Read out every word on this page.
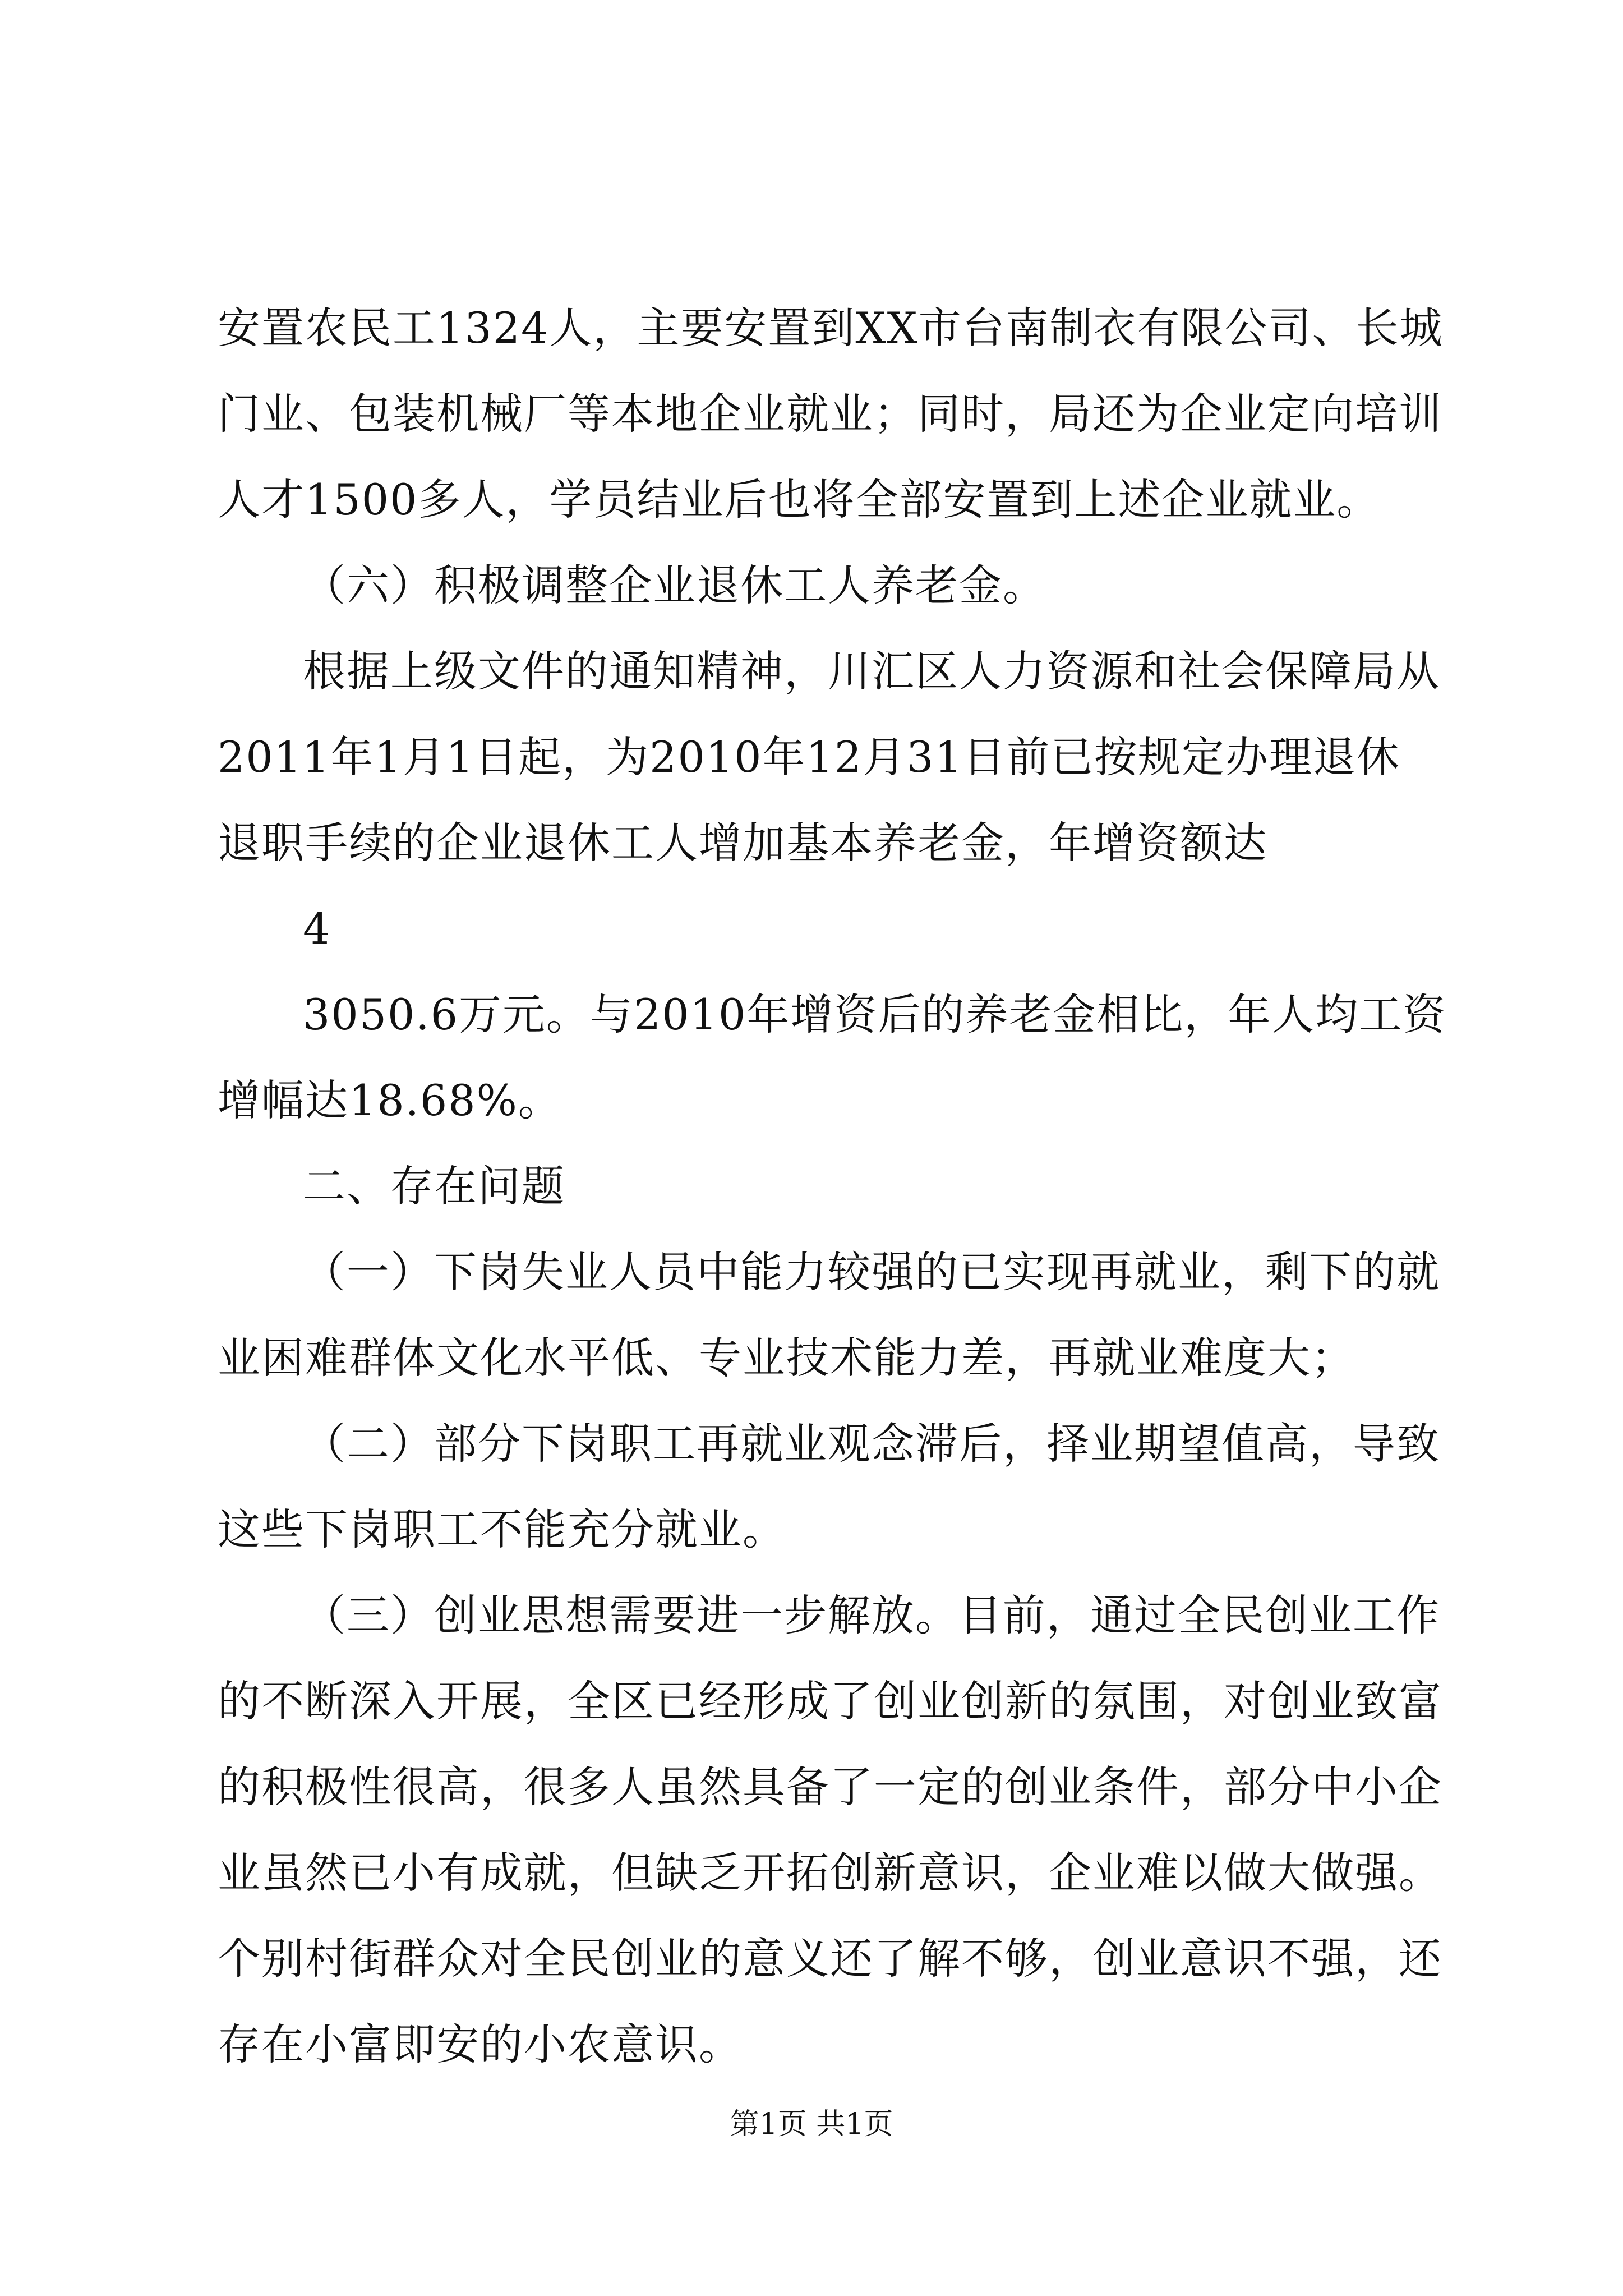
安置农民工1324人，主要安置到XX市台南制衣有限公司、长城
门业、包装机械厂等本地企业就业；同时，局还为企业定向培训
人才1500多人，学员结业后也将全部安置到上述企业就业。
（六）积极调整企业退休工人养老金。
根据上级文件的通知精神，川汇区人力资源和社会保障局从
2011年1月1日起，为2010年12月31日前已按规定办理退休
退职手续的企业退休工人增加基本养老金，年增资额达
4
3050.6万元。与2010年增资后的养老金相比，年人均工资
增幅达18.68%。
二、存在问题
（一）下岗失业人员中能力较强的已实现再就业，剩下的就
业困难群体文化水平低、专业技术能力差，再就业难度大；
（二）部分下岗职工再就业观念滞后，择业期望值高，导致
这些下岗职工不能充分就业。
（三）创业思想需要进一步解放。目前，通过全民创业工作
的不断深入开展，全区已经形成了创业创新的氛围，对创业致富
的积极性很高，很多人虽然具备了一定的创业条件，部分中小企
业虽然已小有成就，但缺乏开拓创新意识，企业难以做大做强。
个别村街群众对全民创业的意义还了解不够，创业意识不强，还
存在小富即安的小农意识。
第1页 共1页
